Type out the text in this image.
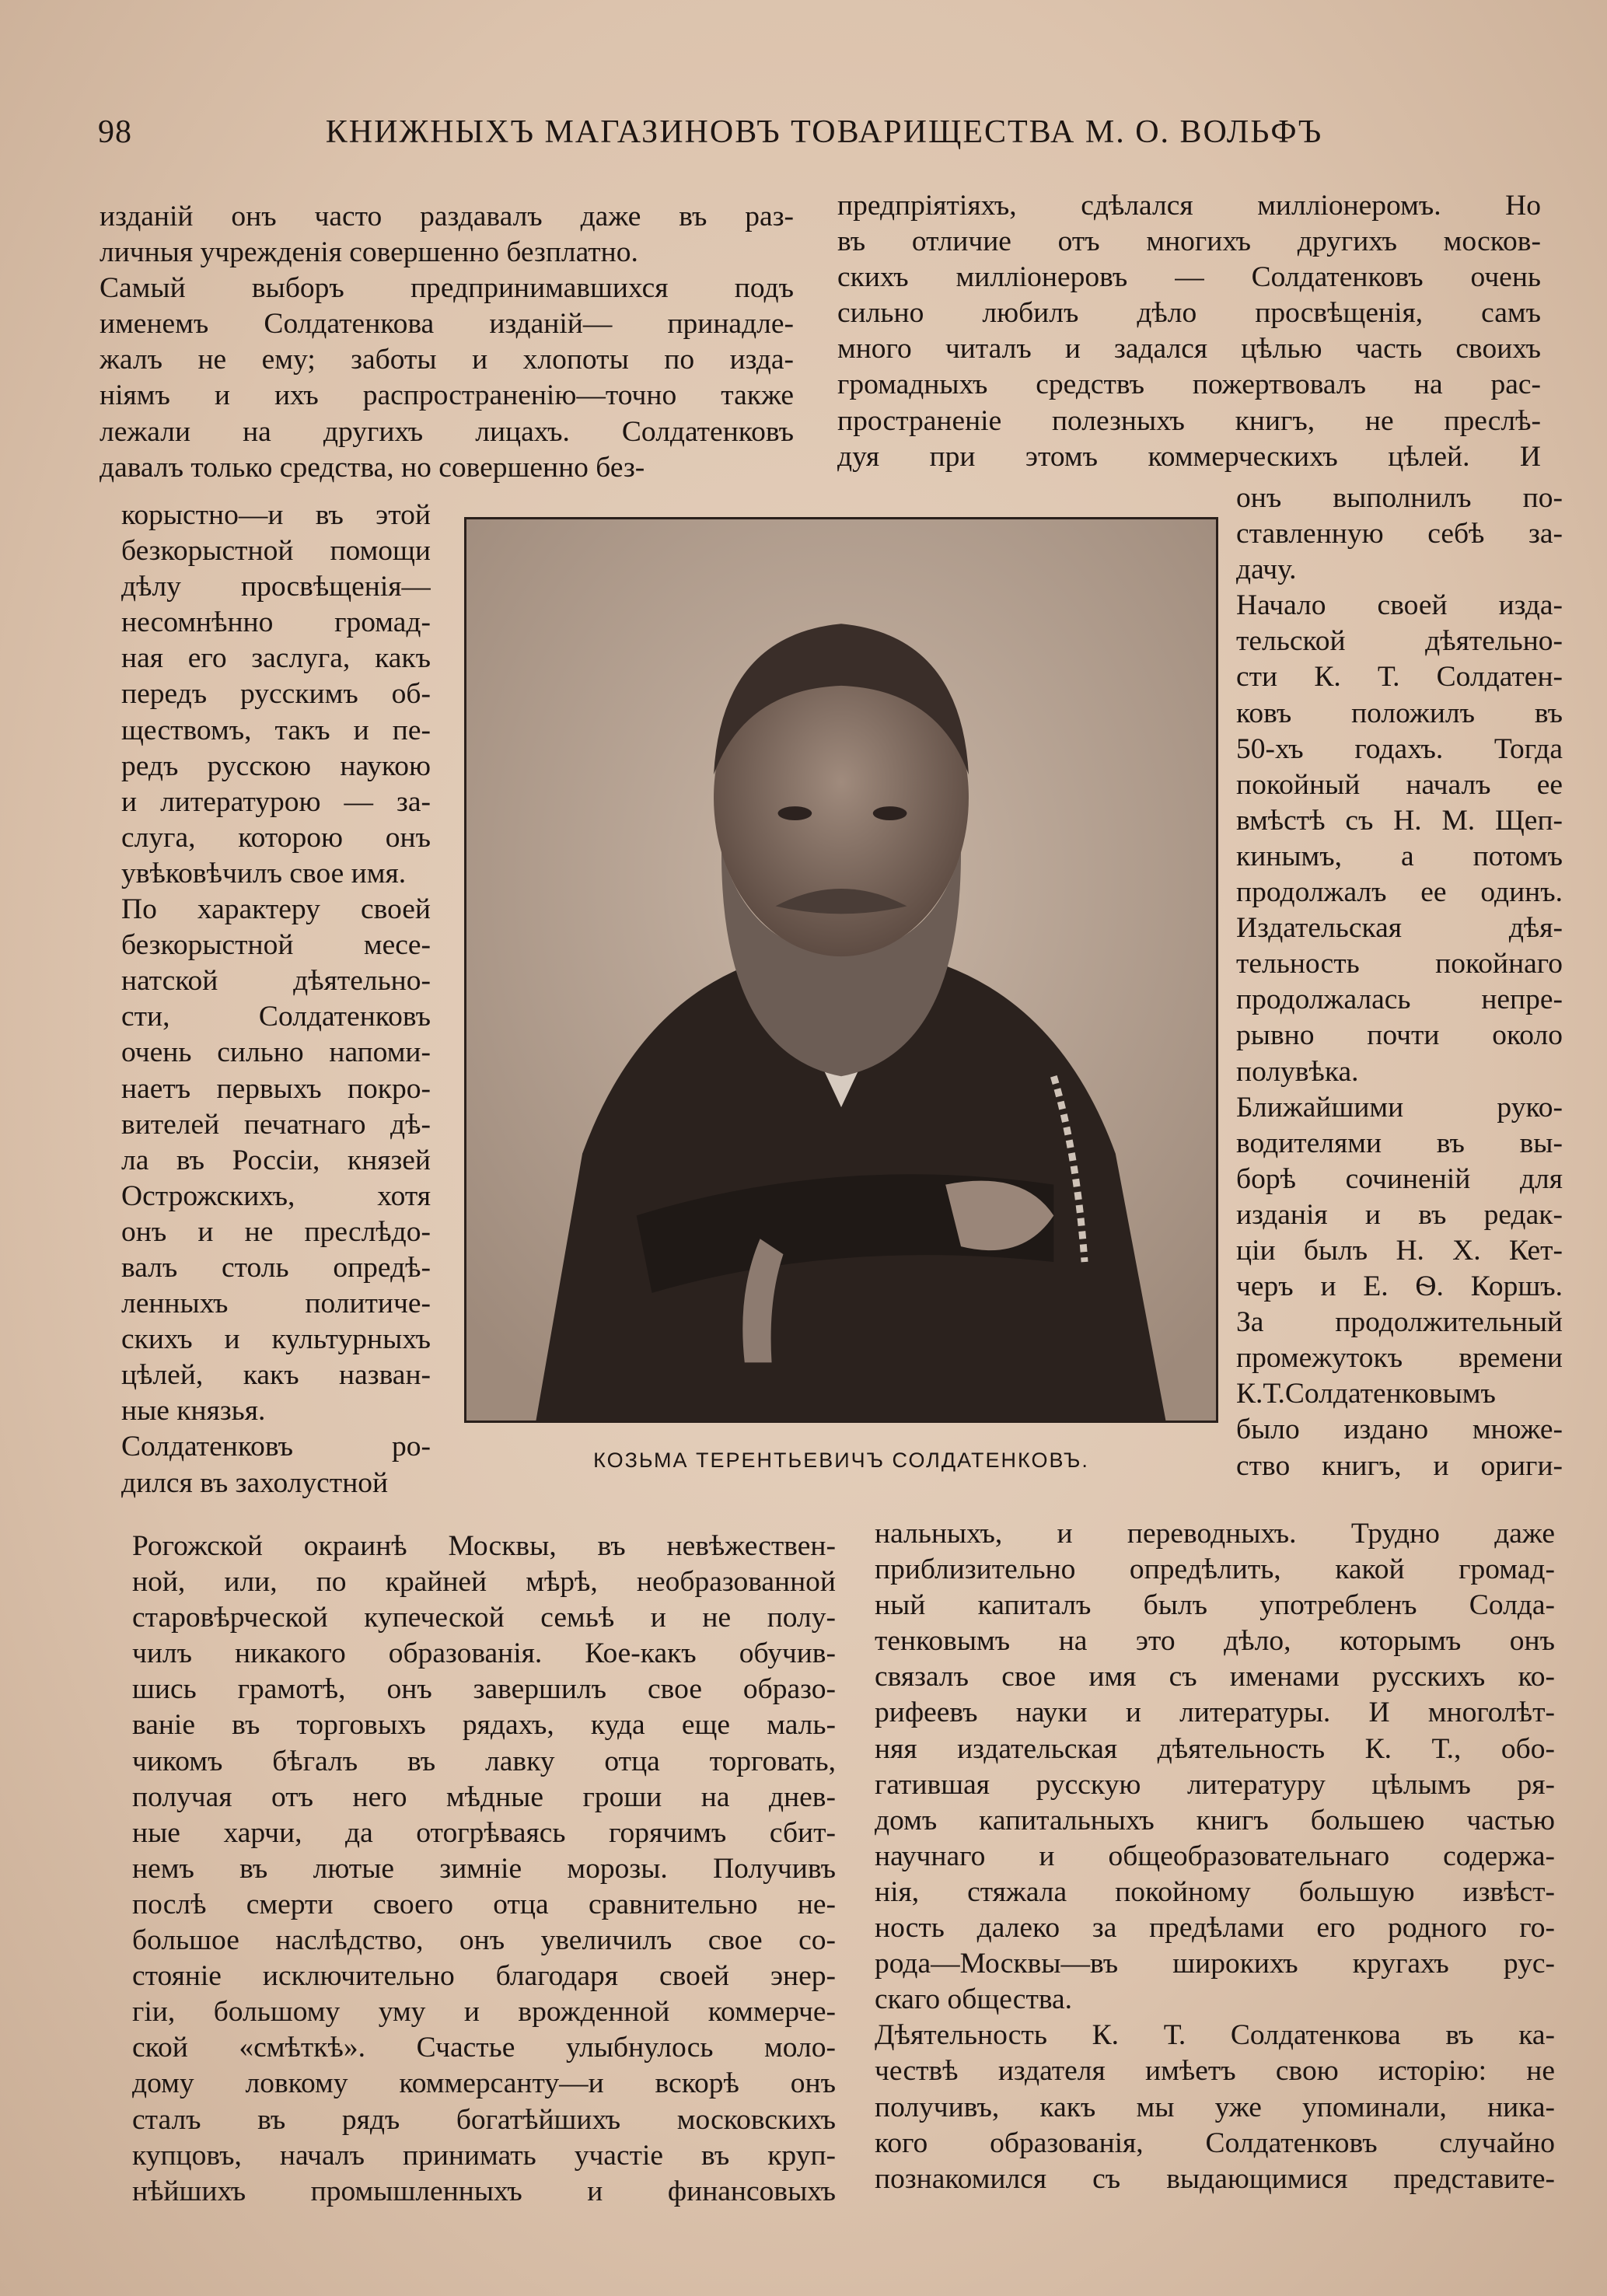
98	КНИЖНЫХЪ МАГАЗИНОВЪ ТОВАРИЩЕСТВА М. О. ВОЛЬФЪ
изданій онъ часто раздавалъ даже въ раз-
личныя учрежденія совершенно безплатно.
Самый выборъ предпринимавшихся подъ
именемъ Солдатенкова изданій— принадле-
жалъ не ему; заботы и хлопоты по изда-
ніямъ и ихъ распространенію—точно также
лежали на другихъ лицахъ. Солдатенковъ
давалъ только средства, но совершенно без-
корыстно—и въ этой
безкорыстной помощи
дѣлу просвѣщенія—
несомнѣнно громад-
ная его заслуга, какъ
передъ русскимъ об-
ществомъ, такъ и пе-
редъ русскою наукою
и литературою — за-
слуга, которою онъ
увѣковѣчилъ свое имя.
По характеру своей
безкорыстной мece-
натской дѣятельно-
сти, Солдатенковъ
очень сильно напоми-
наетъ первыхъ покро-
вителей печатнаго дѣ-
ла въ Россіи, князей
Острожскихъ, хотя
онъ и не преслѣдо-
валъ столь опредѣ-
ленныхъ политиче-
скихъ и культурныхъ
цѣлей, какъ назван-
ные князья.
Солдатенковъ ро-
дился въ захолустной
предпріятіяхъ, сдѣлался милліонеромъ. Но
въ отличие отъ многихъ другихъ москов-
скихъ милліонеровъ — Солдатенковъ очень
сильно любилъ дѣло просвѣщенія, самъ
много читалъ и задался цѣлью часть своихъ
громадныхъ средствъ пожертвовалъ на рас-
пространеніе полезныхъ книгъ, не преслѣ-
дуя при этомъ коммерческихъ цѣлей. И
онъ выполнилъ по-
ставленную себѣ за-
дачу.
Начало своей изда-
тельской дѣятельно-
сти К. Т. Солдатен-
ковъ положилъ въ
50-хъ годахъ. Тогда
покойный началъ ее
вмѣстѣ съ Н. М. Щеп-
кинымъ, а потомъ
продолжалъ ее одинъ.
Издательская дѣя-
тельность покойнаго
продолжалась непре-
рывно почти около
полувѣка.
Ближайшими руко-
водителями въ вы-
борѣ сочиненій для
изданія и въ редак-
ціи былъ Н. Х. Кет-
черъ и Е. Ѳ. Коршъ.
За продолжительный
промежутокъ времени
К.Т.Солдатенковымъ
было издано множе-
ство книгъ, и ориги-
Рогожской окраинѣ Москвы, въ невѣжествен-
ной, или, по крайней мѣрѣ, необразованной
старовѣрческой купеческой семьѣ и не полу-
чилъ никакого образованія. Кое-какъ обучив-
шись грамотѣ, онъ завершилъ свое образо-
ваніе въ торговыхъ рядахъ, куда еще маль-
чикомъ бѣгалъ въ лавку отца торговать,
получая отъ него мѣдные гроши на днев-
ные харчи, да отогрѣваясь горячимъ сбит-
немъ въ лютые зимніе морозы. Получивъ
послѣ смерти своего отца сравнительно не-
большое наслѣдство, онъ увеличилъ свое со-
стояніе исключительно благодаря своей энер-
гіи, большому уму и врожденной коммерче-
ской «смѣткѣ». Счастье улыбнулось моло-
дому ловкому коммерсанту—и вскорѣ онъ
сталъ въ рядъ богатѣйшихъ московскихъ
купцовъ, началъ принимать участіе въ круп-
нѣйшихъ промышленныхъ и финансовыхъ
нальныхъ, и переводныхъ. Трудно даже
приблизительно опредѣлить, какой громад-
ный капиталъ былъ употребленъ Солда-
тенковымъ на это дѣло, которымъ онъ
связалъ свое имя съ именами русскихъ ко-
рифеевъ науки и литературы. И многолѣт-
няя издательская дѣятельность К. Т., обо-
гатившая русскую литературу цѣлымъ ря-
домъ капитальныхъ книгъ большею частью
научнаго и общеобразовательнаго содержа-
нія, стяжала покойному большую извѣст-
ность далеко за предѣлами его родного го-
рода—Москвы—въ широкихъ кругахъ рус-
скаго общества.
Дѣятельность К. Т. Солдатенкова въ ка-
чествѣ издателя имѣетъ свою исторію: не
получивъ, какъ мы уже упоминали, ника-
кого образованія, Солдатенковъ случайно
познакомился съ выдающимися представите-
КОЗЬМА ТЕРЕНТЬЕВИЧЪ СОЛДАТЕНКОВЪ.
